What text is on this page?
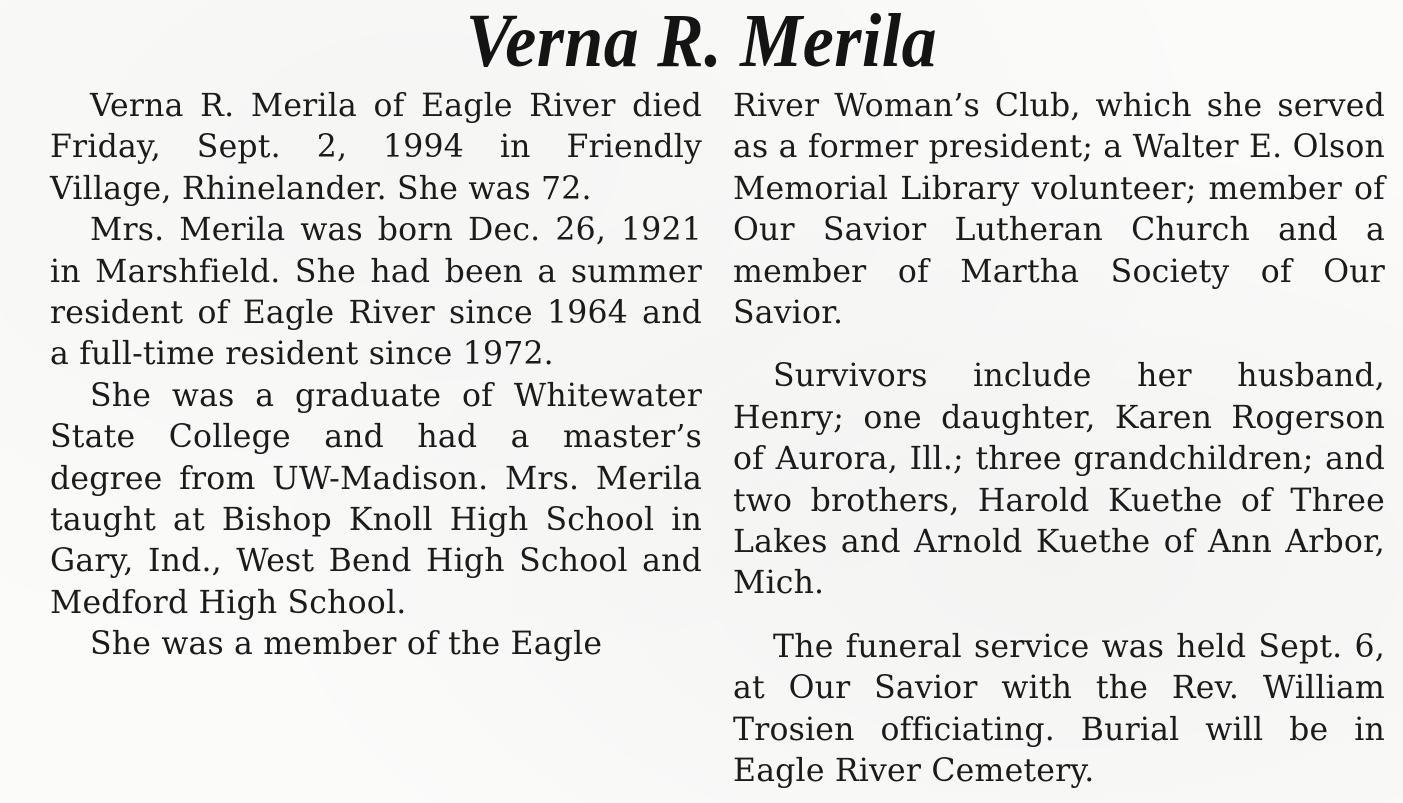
Verna R. Merila

Verna R. Merila of Eagle River died Friday, Sept. 2, 1994 in Friendly Village, Rhinelander. She was 72.

Mrs. Merila was born Dec. 26, 1921 in Marshfield. She had been a summer resident of Eagle River since 1964 and a full-time resident since 1972.

She was a graduate of Whitewater State College and had a master’s degree from UW-Madison. Mrs. Merila taught at Bishop Knoll High School in Gary, Ind., West Bend High School and Medford High School.

She was a member of the Eagle

River Woman’s Club, which she served as a former president; a Walter E. Olson Memorial Library volunteer; member of Our Savior Lutheran Church and a member of Martha Society of Our Savior.

Survivors include her husband, Henry; one daughter, Karen Rogerson of Aurora, Ill.; three grandchildren; and two brothers, Harold Kuethe of Three Lakes and Arnold Kuethe of Ann Arbor, Mich.

The funeral service was held Sept. 6, at Our Savior with the Rev. William Trosien officiating. Burial will be in Eagle River Cemetery.
